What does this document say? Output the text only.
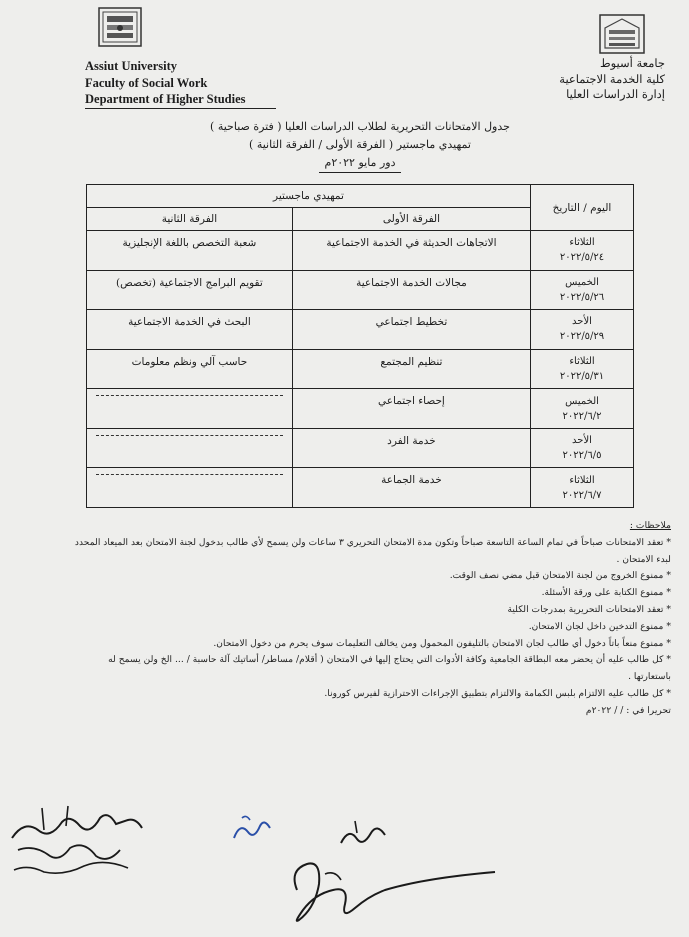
Assiut University
Faculty of Social Work
Department of Higher Studies
جامعة أسيوط
كلية الخدمة الاجتماعية
إدارة الدراسات العليا
جدول الامتحانات التحريرية لطلاب الدراسات العليا ( فترة صباحية )
تمهيدي ماجستير ( الفرقة الأولى / الفرقة الثانية )
دور مايو ٢٠٢٢م
اليوم / التاريخ	تمهيدي ماجستير	
	الفرقة الأولى	الفرقة الثانية

الثلاثاء
٢٠٢٢/٥/٢٤	الاتجاهات الحديثة في الخدمة الاجتماعية	شعبة التخصص باللغة الإنجليزية

الخميس
٢٠٢٢/٥/٢٦	مجالات الخدمة الاجتماعية	تقويم البرامج الاجتماعية (تخصص)

الأحد
٢٠٢٢/٥/٢٩	تخطيط اجتماعي	البحث في الخدمة الاجتماعية

الثلاثاء
٢٠٢٢/٥/٣١	تنظيم المجتمع	حاسب آلي ونظم معلومات

الخميس
٢٠٢٢/٦/٢	إحصاء اجتماعي	

الأحد
٢٠٢٢/٦/٥	خدمة الفرد	

الثلاثاء
٢٠٢٢/٦/٧	خدمة الجماعة	
ملاحظات :
* تعقد الامتحانات صباحاً في تمام الساعة التاسعة صباحاً وتكون مدة الامتحان التحريري ٣ ساعات ولن يسمح لأي طالب بدخول لجنة الامتحان بعد الميعاد المحدد
لبدء الامتحان .
* ممنوع الخروج من لجنة الامتحان قبل مضي نصف الوقت.
* ممنوع الكتابة على ورقة الأسئلة.
* تعقد الامتحانات التحريرية بمدرجات الكلية
* ممنوع التدخين داخل لجان الامتحان.
* ممنوع منعاً باتاً دخول أي طالب لجان الامتحان بالتليفون المحمول ومن يخالف التعليمات سوف يحرم من دخول الامتحان.
* كل طالب عليه أن يحضر معه البطاقة الجامعية وكافة الأدوات التي يحتاج إليها في الامتحان ( أقلام/ مساطر/ أساتيك آلة حاسبة / ... الخ ولن يسمح له
باستعارتها .
* كل طالب عليه الالتزام بلبس الكمامة والالتزام بتطبيق الإجراءات الاحترازية لفيرس كورونا.
تحريرا في : / / ٢٠٢٢م
